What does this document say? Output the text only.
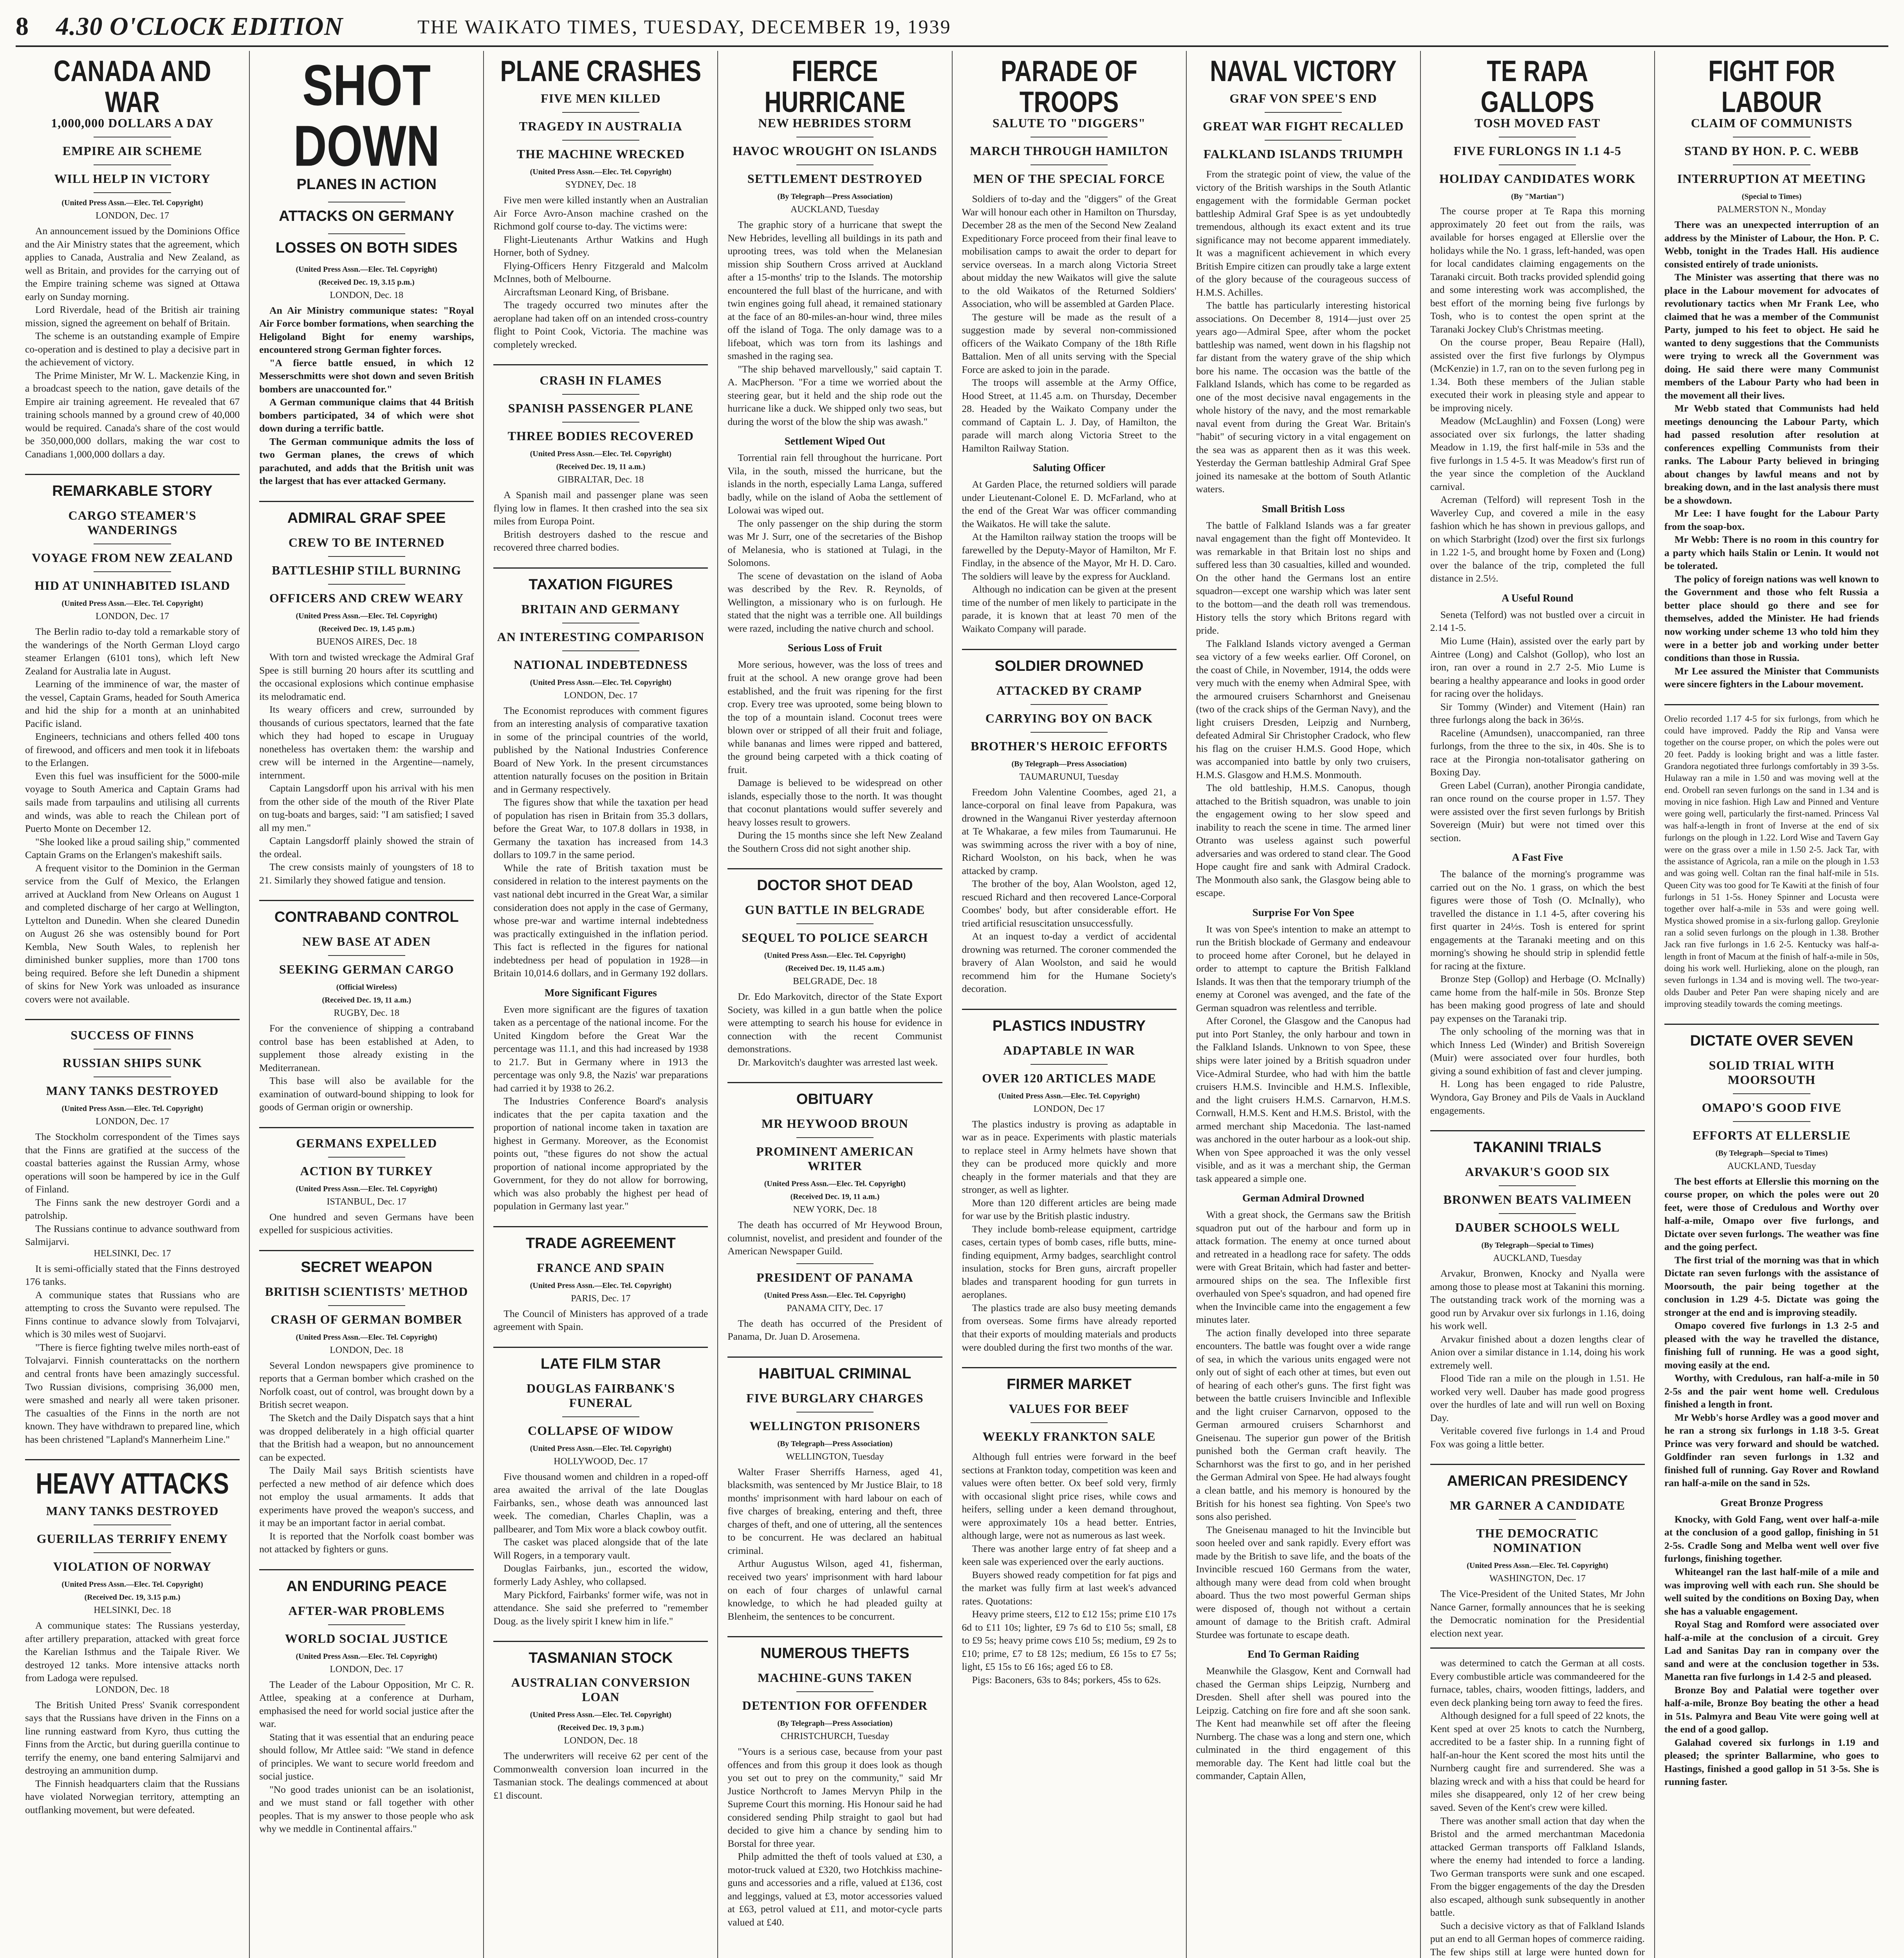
8 4.30 O'CLOCK EDITION	THE WAIKATO TIMES, TUESDAY, DECEMBER 19, 1939
CANADA AND WAR
1,000,000 DOLLARS A DAY
EMPIRE AIR SCHEME
WILL HELP IN VICTORY
(United Press Assn.—Elec. Tel. Copyright)
LONDON, Dec. 17

An announcement issued by the Dominions Office and the Air Ministry states that the agreement, which applies to Canada, Australia and New Zealand, as well as Britain, and provides for the carrying out of the Empire training scheme was signed at Ottawa early on Sunday morning.

Lord Riverdale, head of the British air training mission, signed the agreement on behalf of Britain.

The scheme is an outstanding example of Empire co-operation and is destined to play a decisive part in the achievement of victory.

The Prime Minister, Mr W. L. Mackenzie King, in a broadcast speech to the nation, gave details of the Empire air training agreement. He revealed that 67 training schools manned by a ground crew of 40,000 would be required. Canada's share of the cost would be 350,000,000 dollars, making the war cost to Canadians 1,000,000 dollars a day.

REMARKABLE STORY
CARGO STEAMER'S WANDERINGS
VOYAGE FROM NEW ZEALAND
HID AT UNINHABITED ISLAND
(United Press Assn.—Elec. Tel. Copyright)
LONDON, Dec. 17

The Berlin radio to-day told a remarkable story of the wanderings of the North German Lloyd cargo steamer Erlangen (6101 tons), which left New Zealand for Australia late in August.

Learning of the imminence of war, the master of the vessel, Captain Grams, headed for South America and hid the ship for a month at an uninhabited Pacific island.

Engineers, technicians and others felled 400 tons of firewood, and officers and men took it in lifeboats to the Erlangen.

Even this fuel was insufficient for the 5000-mile voyage to South America and Captain Grams had sails made from tarpaulins and utilising all currents and winds, was able to reach the Chilean port of Puerto Monte on December 12.

"She looked like a proud sailing ship," commented Captain Grams on the Erlangen's makeshift sails.

A frequent visitor to the Dominion in the German service from the Gulf of Mexico, the Erlangen arrived at Auckland from New Orleans on August 1 and completed discharge of her cargo at Wellington, Lyttelton and Dunedin. When she cleared Dunedin on August 26 she was ostensibly bound for Port Kembla, New South Wales, to replenish her diminished bunker supplies, more than 1700 tons being required. Before she left Dunedin a shipment of skins for New York was unloaded as insurance covers were not available.

SUCCESS OF FINNS
RUSSIAN SHIPS SUNK
MANY TANKS DESTROYED
(United Press Assn.—Elec. Tel. Copyright)
LONDON, Dec. 17

The Stockholm correspondent of the Times says that the Finns are gratified at the success of the coastal batteries against the Russian Army, whose operations will soon be hampered by ice in the Gulf of Finland.

The Finns sank the new destroyer Gordi and a patrolship.

The Russians continue to advance southward from Salmijarvi.

HELSINKI, Dec. 17

It is semi-officially stated that the Finns destroyed 176 tanks.

A communique states that Russians who are attempting to cross the Suvanto were repulsed. The Finns continue to advance slowly from Tolvajarvi, which is 30 miles west of Suojarvi.

"There is fierce fighting twelve miles north-east of Tolvajarvi. Finnish counterattacks on the northern and central fronts have been amazingly successful. Two Russian divisions, comprising 36,000 men, were smashed and nearly all were taken prisoner. The casualties of the Finns in the north are not known. They have withdrawn to prepared line, which has been christened "Lapland's Mannerheim Line."

HEAVY ATTACKS
MANY TANKS DESTROYED
GUERILLAS TERRIFY ENEMY
VIOLATION OF NORWAY
(United Press Assn.—Elec. Tel. Copyright)
(Received Dec. 19, 3.15 p.m.)
HELSINKI, Dec. 18

A communique states: The Russians yesterday, after artillery preparation, attacked with great force the Karelian Isthmus and the Taipale River. We destroyed 12 tanks. More intensive attacks north from Ladoga were repulsed.

LONDON, Dec. 18

The British United Press' Svanik correspondent says that the Russians have driven in the Finns on a line running eastward from Kyro, thus cutting the Finns from the Arctic, but during guerilla continue to terrify the enemy, one band entering Salmijarvi and destroying an ammunition dump.

The Finnish headquarters claim that the Russians have violated Norwegian territory, attempting an outflanking movement, but were defeated.

SHOT DOWN
PLANES IN ACTION
ATTACKS ON GERMANY
LOSSES ON BOTH SIDES
(United Press Assn.—Elec. Tel. Copyright)
(Received Dec. 19, 3.15 p.m.)
LONDON, Dec. 18

An Air Ministry communique states: "Royal Air Force bomber formations, when searching the Heligoland Bight for enemy warships, encountered strong German fighter forces.

"A fierce battle ensued, in which 12 Messerschmitts were shot down and seven British bombers are unaccounted for."

A German communique claims that 44 British bombers participated, 34 of which were shot down during a terrific battle.

The German communique admits the loss of two German planes, the crews of which parachuted, and adds that the British unit was the largest that has ever attacked Germany.

ADMIRAL GRAF SPEE
CREW TO BE INTERNED
BATTLESHIP STILL BURNING
OFFICERS AND CREW WEARY
(United Press Assn.—Elec. Tel. Copyright)
(Received Dec. 19, 1.45 p.m.)
BUENOS AIRES, Dec. 18

With torn and twisted wreckage the Admiral Graf Spee is still burning 20 hours after its scuttling and the occasional explosions which continue emphasise its melodramatic end.

Its weary officers and crew, surrounded by thousands of curious spectators, learned that the fate which they had hoped to escape in Uruguay nonetheless has overtaken them: the warship and crew will be interned in the Argentine—namely, internment.

Captain Langsdorff upon his arrival with his men from the other side of the mouth of the River Plate on tug-boats and barges, said: "I am satisfied; I saved all my men."

Captain Langsdorff plainly showed the strain of the ordeal.

The crew consists mainly of youngsters of 18 to 21. Similarly they showed fatigue and tension.

CONTRABAND CONTROL
NEW BASE AT ADEN
SEEKING GERMAN CARGO
(Official Wireless)
(Received Dec. 19, 11 a.m.)
RUGBY, Dec. 18

For the convenience of shipping a contraband control base has been established at Aden, to supplement those already existing in the Mediterranean.

This base will also be available for the examination of outward-bound shipping to look for goods of German origin or ownership.

GERMANS EXPELLED
ACTION BY TURKEY
(United Press Assn.—Elec. Tel. Copyright)
ISTANBUL, Dec. 17

One hundred and seven Germans have been expelled for suspicious activities.

SECRET WEAPON
BRITISH SCIENTISTS' METHOD
CRASH OF GERMAN BOMBER
(United Press Assn.—Elec. Tel. Copyright)
LONDON, Dec. 18

Several London newspapers give prominence to reports that a German bomber which crashed on the Norfolk coast, out of control, was brought down by a British secret weapon.

The Sketch and the Daily Dispatch says that a hint was dropped deliberately in a high official quarter that the British had a weapon, but no announcement can be expected.

The Daily Mail says British scientists have perfected a new method of air defence which does not employ the usual armaments. It adds that experiments have proved the weapon's success, and it may be an important factor in aerial combat.

It is reported that the Norfolk coast bomber was not attacked by fighters or guns.

AN ENDURING PEACE
AFTER-WAR PROBLEMS
WORLD SOCIAL JUSTICE
(United Press Assn.—Elec. Tel. Copyright)
LONDON, Dec. 17

The Leader of the Labour Opposition, Mr C. R. Attlee, speaking at a conference at Durham, emphasised the need for world social justice after the war.

Stating that it was essential that an enduring peace should follow, Mr Attlee said: "We stand in defence of principles. We want to secure world freedom and social justice.

"No good trades unionist can be an isolationist, and we must stand or fall together with other peoples. That is my answer to those people who ask why we meddle in Continental affairs."

PLANE CRASHES
FIVE MEN KILLED
TRAGEDY IN AUSTRALIA
THE MACHINE WRECKED
(United Press Assn.—Elec. Tel. Copyright)
SYDNEY, Dec. 18

Five men were killed instantly when an Australian Air Force Avro-Anson machine crashed on the Richmond golf course to-day. The victims were:

Flight-Lieutenants Arthur Watkins and Hugh Horner, both of Sydney.

Flying-Officers Henry Fitzgerald and Malcolm McInnes, both of Melbourne.

Aircraftsman Leonard King, of Brisbane.

The tragedy occurred two minutes after the aeroplane had taken off on an intended cross-country flight to Point Cook, Victoria. The machine was completely wrecked.

CRASH IN FLAMES
SPANISH PASSENGER PLANE
THREE BODIES RECOVERED
(United Press Assn.—Elec. Tel. Copyright)
(Received Dec. 19, 11 a.m.)
GIBRALTAR, Dec. 18

A Spanish mail and passenger plane was seen flying low in flames. It then crashed into the sea six miles from Europa Point.

British destroyers dashed to the rescue and recovered three charred bodies.

TAXATION FIGURES
BRITAIN AND GERMANY
AN INTERESTING COMPARISON
NATIONAL INDEBTEDNESS
(United Press Assn.—Elec. Tel. Copyright)
LONDON, Dec. 17

The Economist reproduces with comment figures from an interesting analysis of comparative taxation in some of the principal countries of the world, published by the National Industries Conference Board of New York. In the present circumstances attention naturally focuses on the position in Britain and in Germany respectively.

The figures show that while the taxation per head of population has risen in Britain from 35.3 dollars, before the Great War, to 107.8 dollars in 1938, in Germany the taxation has increased from 14.3 dollars to 109.7 in the same period.

While the rate of British taxation must be considered in relation to the interest payments on the vast national debt incurred in the Great War, a similar consideration does not apply in the case of Germany, whose pre-war and wartime internal indebtedness was practically extinguished in the inflation period. This fact is reflected in the figures for national indebtedness per head of population in 1928—in Britain 10,014.6 dollars, and in Germany 192 dollars.

More Significant Figures

Even more significant are the figures of taxation taken as a percentage of the national income. For the United Kingdom before the Great War the percentage was 11.1, and this had increased by 1938 to 21.7. But in Germany where in 1913 the percentage was only 9.8, the Nazis' war preparations had carried it by 1938 to 26.2.

The Industries Conference Board's analysis indicates that the per capita taxation and the proportion of national income taken in taxation are highest in Germany. Moreover, as the Economist points out, "these figures do not show the actual proportion of national income appropriated by the Government, for they do not allow for borrowing, which was also probably the highest per head of population in Germany last year."

TRADE AGREEMENT
FRANCE AND SPAIN
(United Press Assn.—Elec. Tel. Copyright)
PARIS, Dec. 17

The Council of Ministers has approved of a trade agreement with Spain.

LATE FILM STAR
DOUGLAS FAIRBANK'S FUNERAL
COLLAPSE OF WIDOW
(United Press Assn.—Elec. Tel. Copyright)
HOLLYWOOD, Dec. 17

Five thousand women and children in a roped-off area awaited the arrival of the late Douglas Fairbanks, sen., whose death was announced last week. The comedian, Charles Chaplin, was a pallbearer, and Tom Mix wore a black cowboy outfit.

The casket was placed alongside that of the late Will Rogers, in a temporary vault.

Douglas Fairbanks, jun., escorted the widow, formerly Lady Ashley, who collapsed.

Mary Pickford, Fairbanks' former wife, was not in attendance. She said she preferred to "remember Doug. as the lively spirit I knew him in life."

TASMANIAN STOCK
AUSTRALIAN CONVERSION LOAN
(United Press Assn.—Elec. Tel. Copyright)
(Received Dec. 19, 3 p.m.)
LONDON, Dec. 18

The underwriters will receive 62 per cent of the Commonwealth conversion loan incurred in the Tasmanian stock. The dealings commenced at about £1 discount.

FIERCE HURRICANE
NEW HEBRIDES STORM
HAVOC WROUGHT ON ISLANDS
SETTLEMENT DESTROYED
(By Telegraph—Press Association)
AUCKLAND, Tuesday

The graphic story of a hurricane that swept the New Hebrides, levelling all buildings in its path and uprooting trees, was told when the Melanesian mission ship Southern Cross arrived at Auckland after a 15-months' trip to the Islands. The motorship encountered the full blast of the hurricane, and with twin engines going full ahead, it remained stationary at the face of an 80-miles-an-hour wind, three miles off the island of Toga. The only damage was to a lifeboat, which was torn from its lashings and smashed in the raging sea.

"The ship behaved marvellously," said captain T. A. MacPherson. "For a time we worried about the steering gear, but it held and the ship rode out the hurricane like a duck. We shipped only two seas, but during the worst of the blow the ship was awash."

Settlement Wiped Out

Torrential rain fell throughout the hurricane. Port Vila, in the south, missed the hurricane, but the islands in the north, especially Lama Langa, suffered badly, while on the island of Aoba the settlement of Lolowai was wiped out.

The only passenger on the ship during the storm was Mr J. Surr, one of the secretaries of the Bishop of Melanesia, who is stationed at Tulagi, in the Solomons.

The scene of devastation on the island of Aoba was described by the Rev. R. Reynolds, of Wellington, a missionary who is on furlough. He stated that the night was a terrible one. All buildings were razed, including the native church and school.

Serious Loss of Fruit

More serious, however, was the loss of trees and fruit at the school. A new orange grove had been established, and the fruit was ripening for the first crop. Every tree was uprooted, some being blown to the top of a mountain island. Coconut trees were blown over or stripped of all their fruit and foliage, while bananas and limes were ripped and battered, the ground being carpeted with a thick coating of fruit.

Damage is believed to be widespread on other islands, especially those to the north. It was thought that coconut plantations would suffer severely and heavy losses result to growers.

During the 15 months since she left New Zealand the Southern Cross did not sight another ship.

DOCTOR SHOT DEAD
GUN BATTLE IN BELGRADE
SEQUEL TO POLICE SEARCH
(United Press Assn.—Elec. Tel. Copyright)
(Received Dec. 19, 11.45 a.m.)
BELGRADE, Dec. 18

Dr. Edo Markovitch, director of the State Export Society, was killed in a gun battle when the police were attempting to search his house for evidence in connection with the recent Communist demonstrations.

Dr. Markovitch's daughter was arrested last week.

OBITUARY
MR HEYWOOD BROUN
PROMINENT AMERICAN WRITER
(United Press Assn.—Elec. Tel. Copyright)
(Received Dec. 19, 11 a.m.)
NEW YORK, Dec. 18

The death has occurred of Mr Heywood Broun, columnist, novelist, and president and founder of the American Newspaper Guild.

PRESIDENT OF PANAMA
(United Press Assn.—Elec. Tel. Copyright)
PANAMA CITY, Dec. 17

The death has occurred of the President of Panama, Dr. Juan D. Arosemena.

HABITUAL CRIMINAL
FIVE BURGLARY CHARGES
WELLINGTON PRISONERS
(By Telegraph—Press Association)
WELLINGTON, Tuesday

Walter Fraser Sherriffs Harness, aged 41, blacksmith, was sentenced by Mr Justice Blair, to 18 months' imprisonment with hard labour on each of five charges of breaking, entering and theft, three charges of theft, and one of uttering, all the sentences to be concurrent. He was declared an habitual criminal.

Arthur Augustus Wilson, aged 41, fisherman, received two years' imprisonment with hard labour on each of four charges of unlawful carnal knowledge, to which he had pleaded guilty at Blenheim, the sentences to be concurrent.

NUMEROUS THEFTS
MACHINE-GUNS TAKEN
DETENTION FOR OFFENDER
(By Telegraph—Press Association)
CHRISTCHURCH, Tuesday

"Yours is a serious case, because from your past offences and from this group it does look as though you set out to prey on the community," said Mr Justice Northcroft to James Mervyn Philp in the Supreme Court this morning. His Honour said he had considered sending Philp straight to gaol but had decided to give him a chance by sending him to Borstal for three year.

Philp admitted the theft of tools valued at £30, a motor-truck valued at £320, two Hotchkiss machine-guns and accessories and a rifle, valued at £136, cost and leggings, valued at £3, motor accessories valued at £63, petrol valued at £11, and motor-cycle parts valued at £40.

PARADE OF TROOPS
SALUTE TO "DIGGERS"
MARCH THROUGH HAMILTON
MEN OF THE SPECIAL FORCE

Soldiers of to-day and the "diggers" of the Great War will honour each other in Hamilton on Thursday, December 28 as the men of the Second New Zealand Expeditionary Force proceed from their final leave to mobilisation camps to await the order to depart for service overseas. In a march along Victoria Street about midday the new Waikatos will give the salute to the old Waikatos of the Returned Soldiers' Association, who will be assembled at Garden Place.

The gesture will be made as the result of a suggestion made by several non-commissioned officers of the Waikato Company of the 18th Rifle Battalion. Men of all units serving with the Special Force are asked to join in the parade.

The troops will assemble at the Army Office, Hood Street, at 11.45 a.m. on Thursday, December 28. Headed by the Waikato Company under the command of Captain L. J. Day, of Hamilton, the parade will march along Victoria Street to the Hamilton Railway Station.

Saluting Officer

At Garden Place, the returned soldiers will parade under Lieutenant-Colonel E. D. McFarland, who at the end of the Great War was officer commanding the Waikatos. He will take the salute.

At the Hamilton railway station the troops will be farewelled by the Deputy-Mayor of Hamilton, Mr F. Findlay, in the absence of the Mayor, Mr H. D. Caro. The soldiers will leave by the express for Auckland.

Although no indication can be given at the present time of the number of men likely to participate in the parade, it is known that at least 70 men of the Waikato Company will parade.

SOLDIER DROWNED
ATTACKED BY CRAMP
CARRYING BOY ON BACK
BROTHER'S HEROIC EFFORTS
(By Telegraph—Press Association)
TAUMARUNUI, Tuesday

Freedom John Valentine Coombes, aged 21, a lance-corporal on final leave from Papakura, was drowned in the Wanganui River yesterday afternoon at Te Whakarae, a few miles from Taumarunui. He was swimming across the river with a boy of nine, Richard Woolston, on his back, when he was attacked by cramp.

The brother of the boy, Alan Woolston, aged 12, rescued Richard and then recovered Lance-Corporal Coombes' body, but after considerable effort. He tried artificial resuscitation unsuccessfully.

At an inquest to-day a verdict of accidental drowning was returned. The coroner commended the bravery of Alan Woolston, and said he would recommend him for the Humane Society's decoration.

PLASTICS INDUSTRY
ADAPTABLE IN WAR
OVER 120 ARTICLES MADE
(United Press Assn.—Elec. Tel. Copyright)
LONDON, Dec 17

The plastics industry is proving as adaptable in war as in peace. Experiments with plastic materials to replace steel in Army helmets have shown that they can be produced more quickly and more cheaply in the former materials and that they are stronger, as well as lighter.

More than 120 different articles are being made for war use by the British plastic industry.

They include bomb-release equipment, cartridge cases, certain types of bomb cases, rifle butts, mine-finding equipment, Army badges, searchlight control insulation, stocks for Bren guns, aircraft propeller blades and transparent hooding for gun turrets in aeroplanes.

The plastics trade are also busy meeting demands from overseas. Some firms have already reported that their exports of moulding materials and products were doubled during the first two months of the war.

FIRMER MARKET
VALUES FOR BEEF
WEEKLY FRANKTON SALE

Although full entries were forward in the beef sections at Frankton today, competition was keen and values were often better. Ox beef sold very, firmly with occasional slight price rises, while cows and heifers, selling under a keen demand throughout, were approximately 10s a head better. Entries, although large, were not as numerous as last week.

There was another large entry of fat sheep and a keen sale was experienced over the early auctions.

Buyers showed ready competition for fat pigs and the market was fully firm at last week's advanced rates. Quotations:

Heavy prime steers, £12 to £12 15s; prime £10 17s 6d to £11 10s; lighter, £9 7s 6d to £10 5s; small, £8 to £9 5s; heavy prime cows £10 5s; medium, £9 2s to £10; prime, £7 to £8 12s; medium, £6 15s to £7 5s; light, £5 15s to £6 16s; aged £6 to £8.

Pigs: Baconers, 63s to 84s; porkers, 45s to 62s.

NAVAL VICTORY
GRAF VON SPEE'S END
GREAT WAR FIGHT RECALLED
FALKLAND ISLANDS TRIUMPH

From the strategic point of view, the value of the victory of the British warships in the South Atlantic engagement with the formidable German pocket battleship Admiral Graf Spee is as yet undoubtedly tremendous, although its exact extent and its true significance may not become apparent immediately. It was a magnificent achievement in which every British Empire citizen can proudly take a large extent of the glory because of the courageous success of H.M.S. Achilles.

The battle has particularly interesting historical associations. On December 8, 1914—just over 25 years ago—Admiral Spee, after whom the pocket battleship was named, went down in his flagship not far distant from the watery grave of the ship which bore his name. The occasion was the battle of the Falkland Islands, which has come to be regarded as one of the most decisive naval engagements in the whole history of the navy, and the most remarkable naval event from during the Great War. Britain's "habit" of securing victory in a vital engagement on the sea was as apparent then as it was this week. Yesterday the German battleship Admiral Graf Spee joined its namesake at the bottom of South Atlantic waters.

Small British Loss

The battle of Falkland Islands was a far greater naval engagement than the fight off Montevideo. It was remarkable in that Britain lost no ships and suffered less than 30 casualties, killed and wounded. On the other hand the Germans lost an entire squadron—except one warship which was later sent to the bottom—and the death roll was tremendous. History tells the story which Britons regard with pride.

The Falkland Islands victory avenged a German sea victory of a few weeks earlier. Off Coronel, on the coast of Chile, in November, 1914, the odds were very much with the enemy when Admiral Spee, with the armoured cruisers Scharnhorst and Gneisenau (two of the crack ships of the German Navy), and the light cruisers Dresden, Leipzig and Nurnberg, defeated Admiral Sir Christopher Cradock, who flew his flag on the cruiser H.M.S. Good Hope, which was accompanied into battle by only two cruisers, H.M.S. Glasgow and H.M.S. Monmouth.

The old battleship, H.M.S. Canopus, though attached to the British squadron, was unable to join the engagement owing to her slow speed and inability to reach the scene in time. The armed liner Otranto was useless against such powerful adversaries and was ordered to stand clear. The Good Hope caught fire and sank with Admiral Cradock. The Monmouth also sank, the Glasgow being able to escape.

Surprise For Von Spee

It was von Spee's intention to make an attempt to run the British blockade of Germany and endeavour to proceed home after Coronel, but he delayed in order to attempt to capture the British Falkland Islands. It was then that the temporary triumph of the enemy at Coronel was avenged, and the fate of the German squadron was relentless and terrible.

After Coronel, the Glasgow and the Canopus had put into Port Stanley, the only harbour and town in the Falkland Islands. Unknown to von Spee, these ships were later joined by a British squadron under Vice-Admiral Sturdee, who had with him the battle cruisers H.M.S. Invincible and H.M.S. Inflexible, and the light cruisers H.M.S. Carnarvon, H.M.S. Cornwall, H.M.S. Kent and H.M.S. Bristol, with the armed merchant ship Macedonia. The last-named was anchored in the outer harbour as a look-out ship. When von Spee approached it was the only vessel visible, and as it was a merchant ship, the German task appeared a simple one.

German Admiral Drowned

With a great shock, the Germans saw the British squadron put out of the harbour and form up in attack formation. The enemy at once turned about and retreated in a headlong race for safety. The odds were with Great Britain, which had faster and better-armoured ships on the sea. The Inflexible first overhauled von Spee's squadron, and had opened fire when the Invincible came into the engagement a few minutes later.

The action finally developed into three separate encounters. The battle was fought over a wide range of sea, in which the various units engaged were not only out of sight of each other at times, but even out of hearing of each other's guns. The first fight was between the battle cruisers Invincible and Inflexible and the light cruiser Carnarvon, opposed to the German armoured cruisers Scharnhorst and Gneisenau. The superior gun power of the British punished both the German craft heavily. The Scharnhorst was the first to go, and in her perished the German Admiral von Spee. He had always fought a clean battle, and his memory is honoured by the British for his honest sea fighting. Von Spee's two sons also perished.

The Gneisenau managed to hit the Invincible but soon heeled over and sank rapidly. Every effort was made by the British to save life, and the boats of the Invincible rescued 160 Germans from the water, although many were dead from cold when brought aboard. Thus the two most powerful German ships were disposed of, though not without a certain amount of damage to the British craft. Admiral Sturdee was fortunate to escape death.

End To German Raiding

Meanwhile the Glasgow, Kent and Cornwall had chased the German ships Leipzig, Nurnberg and Dresden. Shell after shell was poured into the Leipzig. Catching on fire fore and aft she soon sank. The Kent had meanwhile set off after the fleeing Nurnberg. The chase was a long and stern one, which culminated in the third engagement of this memorable day. The Kent had little coal but the commander, Captain Allen,

TE RAPA GALLOPS
TOSH MOVED FAST
FIVE FURLONGS IN 1.1 4-5
HOLIDAY CANDIDATES WORK
(By "Martian")

The course proper at Te Rapa this morning approximately 20 feet out from the rails, was available for horses engaged at Ellerslie over the holidays while the No. 1 grass, left-handed, was open for local candidates claiming engagements on the Taranaki circuit. Both tracks provided splendid going and some interesting work was accomplished, the best effort of the morning being five furlongs by Tosh, who is to contest the open sprint at the Taranaki Jockey Club's Christmas meeting.

On the course proper, Beau Repaire (Hall), assisted over the first five furlongs by Olympus (McKenzie) in 1.7, ran on to the seven furlong peg in 1.34. Both these members of the Julian stable executed their work in pleasing style and appear to be improving nicely.

Meadow (McLaughlin) and Foxsen (Long) were associated over six furlongs, the latter shading Meadow in 1.19, the first half-mile in 53s and the five furlongs in 1.5 4-5. It was Meadow's first run of the year since the completion of the Auckland carnival.

Acreman (Telford) will represent Tosh in the Waverley Cup, and covered a mile in the easy fashion which he has shown in previous gallops, and on which Starbright (Izod) over the first six furlongs in 1.22 1-5, and brought home by Foxen and (Long) over the balance of the trip, completed the full distance in 2.5½.

A Useful Round

Seneta (Telford) was not bustled over a circuit in 2.14 1-5.

Mio Lume (Hain), assisted over the early part by Aintree (Long) and Calshot (Gollop), who lost an iron, ran over a round in 2.7 2-5. Mio Lume is bearing a healthy appearance and looks in good order for racing over the holidays.

Sir Tommy (Winder) and Vitement (Hain) ran three furlongs along the back in 36½s.

Raceline (Amundsen), unaccompanied, ran three furlongs, from the three to the six, in 40s. She is to race at the Pirongia non-totalisator gathering on Boxing Day.

Green Label (Curran), another Pirongia candidate, ran once round on the course proper in 1.57. They were assisted over the first seven furlongs by British Sovereign (Muir) but were not timed over this section.

A Fast Five

The balance of the morning's programme was carried out on the No. 1 grass, on which the best figures were those of Tosh (O. McInally), who travelled the distance in 1.1 4-5, after covering his first quarter in 24½s. Tosh is entered for sprint engagements at the Taranaki meeting and on this morning's showing he should strip in splendid fettle for racing at the fixture.

Bronze Step (Gollop) and Herbage (O. McInally) came home from the half-mile in 50s. Bronze Step has been making good progress of late and should pay expenses on the Taranaki trip.

The only schooling of the morning was that in which Inness Led (Winder) and British Sovereign (Muir) were associated over four hurdles, both giving a sound exhibition of fast and clever jumping.

H. Long has been engaged to ride Palustre, Wyndora, Gay Broney and Pils de Vaals in Auckland engagements.

TAKANINI TRIALS
ARVAKUR'S GOOD SIX
BRONWEN BEATS VALIMEEN
DAUBER SCHOOLS WELL
(By Telegraph—Special to Times)
AUCKLAND, Tuesday

Arvakur, Bronwen, Knocky and Nyalla were among those to please most at Takanini this morning. The outstanding track work of the morning was a good run by Arvakur over six furlongs in 1.16, doing his work well.

Arvakur finished about a dozen lengths clear of Anion over a similar distance in 1.14, doing his work extremely well.

Flood Tide ran a mile on the plough in 1.51. He worked very well. Dauber has made good progress over the hurdles of late and will run well on Boxing Day.

Veritable covered five furlongs in 1.4 and Proud Fox was going a little better.

AMERICAN PRESIDENCY
MR GARNER A CANDIDATE
THE DEMOCRATIC NOMINATION
(United Press Assn.—Elec. Tel. Copyright)
WASHINGTON, Dec. 17

The Vice-President of the United States, Mr John Nance Garner, formally announces that he is seeking the Democratic nomination for the Presidential election next year.

was determined to catch the German at all costs. Every combustible article was commandeered for the furnace, tables, chairs, wooden fittings, ladders, and even deck planking being torn away to feed the fires.

Although designed for a full speed of 22 knots, the Kent sped at over 25 knots to catch the Nurnberg, accredited to be a faster ship. In a running fight of half-an-hour the Kent scored the most hits until the Nurnberg caught fire and surrendered. She was a blazing wreck and with a hiss that could be heard for miles she disappeared, only 12 of her crew being saved. Seven of the Kent's crew were killed.

There was another small action that day when the Bristol and the armed merchantman Macedonia attacked German transports off Falkland Islands, where the enemy had intended to force a landing. Two German transports were sunk and one escaped. From the bigger engagements of the day the Dresden also escaped, although sunk subsequently in another battle.

Such a decisive victory as that of Falkland Islands put an end to all German hopes of commerce raiding. The few ships still at large were hunted down for

FIGHT FOR LABOUR
CLAIM OF COMMUNISTS
STAND BY HON. P. C. WEBB
INTERRUPTION AT MEETING
(Special to Times)
PALMERSTON N., Monday

There was an unexpected interruption of an address by the Minister of Labour, the Hon. P. C. Webb, tonight in the Trades Hall. His audience consisted entirely of trade unionists.

The Minister was asserting that there was no place in the Labour movement for advocates of revolutionary tactics when Mr Frank Lee, who claimed that he was a member of the Communist Party, jumped to his feet to object. He said he wanted to deny suggestions that the Communists were trying to wreck all the Government was doing. He said there were many Communist members of the Labour Party who had been in the movement all their lives.

Mr Webb stated that Communists had held meetings denouncing the Labour Party, which had passed resolution after resolution at conferences expelling Communists from their ranks. The Labour Party believed in bringing about changes by lawful means and not by breaking down, and in the last analysis there must be a showdown.

Mr Lee: I have fought for the Labour Party from the soap-box.

Mr Webb: There is no room in this country for a party which hails Stalin or Lenin. It would not be tolerated.

The policy of foreign nations was well known to the Government and those who felt Russia a better place should go there and see for themselves, added the Minister. He had friends now working under scheme 13 who told him they were in a better job and working under better conditions than those in Russia.

Mr Lee assured the Minister that Communists were sincere fighters in the Labour movement.

Orelio recorded 1.17 4-5 for six furlongs, from which he could have improved. Paddy the Rip and Vansa were together on the course proper, on which the poles were out 20 feet. Paddy is looking bright and was a little faster. Grandora negotiated three furlongs comfortably in 39 3-5s. Hulaway ran a mile in 1.50 and was moving well at the end. Orobell ran seven furlongs on the sand in 1.34 and is moving in nice fashion. High Law and Pinned and Venture were going well, particularly the first-named. Princess Val was half-a-length in front of Inverse at the end of six furlongs on the plough in 1.22. Lord Wise and Tavern Gay were on the grass over a mile in 1.50 2-5. Jack Tar, with the assistance of Agricola, ran a mile on the plough in 1.53 and was going well. Coltan ran the final half-mile in 51s. Queen City was too good for Te Kawiti at the finish of four furlongs in 51 1-5s. Honey Spinner and Locusta were together over half-a-mile in 53s and were going well. Mystica showed promise in a six-furlong gallop. Greylonie ran a solid seven furlongs on the plough in 1.38. Brother Jack ran five furlongs in 1.6 2-5. Kentucky was half-a-length in front of Macum at the finish of half-a-mile in 50s, doing his work well. Hurlieking, alone on the plough, ran seven furlongs in 1.34 and is moving well. The two-year-olds Dauber and Peter Pan were shaping nicely and are improving steadily towards the coming meetings.
DICTATE OVER SEVEN
SOLID TRIAL WITH MOORSOUTH
OMAPO'S GOOD FIVE
EFFORTS AT ELLERSLIE
(By Telegraph—Special to Times)
AUCKLAND, Tuesday

The best efforts at Ellerslie this morning on the course proper, on which the poles were out 20 feet, were those of Credulous and Worthy over half-a-mile, Omapo over five furlongs, and Dictate over seven furlongs. The weather was fine and the going perfect.

The first trial of the morning was that in which Dictate ran seven furlongs with the assistance of Moorsouth, the pair being together at the conclusion in 1.29 4-5. Dictate was going the stronger at the end and is improving steadily.

Omapo covered five furlongs in 1.3 2-5 and pleased with the way he travelled the distance, finishing full of running. He was a good sight, moving easily at the end.

Worthy, with Credulous, ran half-a-mile in 50 2-5s and the pair went home well. Credulous finished a length in front.

Mr Webb's horse Ardley was a good mover and he ran a strong six furlongs in 1.18 3-5. Great Prince was very forward and should be watched. Goldfinder ran seven furlongs in 1.32 and finished full of running. Gay Rover and Rowland ran half-a-mile on the sand in 52s.

Great Bronze Progress

Knocky, with Gold Fang, went over half-a-mile at the conclusion of a good gallop, finishing in 51 2-5s. Cradle Song and Melba went well over five furlongs, finishing together.

Whiteangel ran the last half-mile of a mile and was improving well with each run. She should be well suited by the conditions on Boxing Day, when she has a valuable engagement.

Royal Stag and Romford were associated over half-a-mile at the conclusion of a circuit. Grey Lad and Sanitas Day ran in company over the sand and were at the conclusion together in 53s. Manetta ran five furlongs in 1.4 2-5 and pleased.

Bronze Boy and Palatial were together over half-a-mile, Bronze Boy beating the other a head in 51s. Palmyra and Beau Vite were going well at the end of a good gallop.

Galahad covered six furlongs in 1.19 and pleased; the sprinter Ballarmine, who goes to Hastings, finished a good gallop in 51 3-5s. She is running faster.
